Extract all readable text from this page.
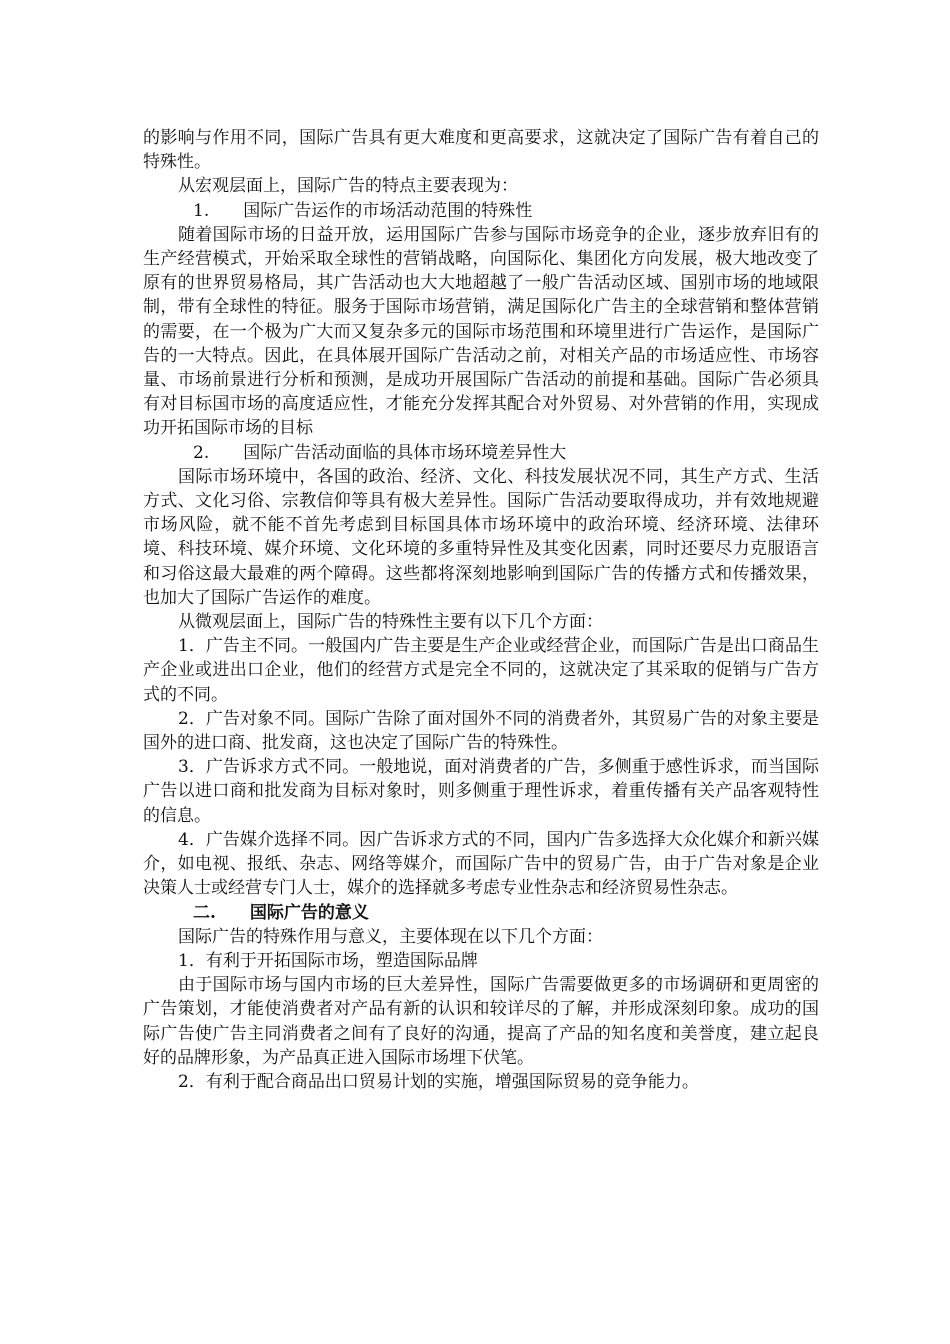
的影响与作用不同，国际广告具有更大难度和更高要求，这就决定了国际广告有着自己的特殊性。

从宏观层面上，国际广告的特点主要表现为：

1.　　国际广告运作的市场活动范围的特殊性

随着国际市场的日益开放，运用国际广告参与国际市场竞争的企业，逐步放弃旧有的生产经营模式，开始采取全球性的营销战略，向国际化、集团化方向发展，极大地改变了原有的世界贸易格局，其广告活动也大大地超越了一般广告活动区域、国别市场的地域限制，带有全球性的特征。服务于国际市场营销，满足国际化广告主的全球营销和整体营销的需要，在一个极为广大而又复杂多元的国际市场范围和环境里进行广告运作，是国际广告的一大特点。因此，在具体展开国际广告活动之前，对相关产品的市场适应性、市场容量、市场前景进行分析和预测，是成功开展国际广告活动的前提和基础。国际广告必须具有对目标国市场的高度适应性，才能充分发挥其配合对外贸易、对外营销的作用，实现成功开拓国际市场的目标

2.　　国际广告活动面临的具体市场环境差异性大

国际市场环境中，各国的政治、经济、文化、科技发展状况不同，其生产方式、生活方式、文化习俗、宗教信仰等具有极大差异性。国际广告活动要取得成功，并有效地规避市场风险，就不能不首先考虑到目标国具体市场环境中的政治环境、经济环境、法律环境、科技环境、媒介环境、文化环境的多重特异性及其变化因素，同时还要尽力克服语言和习俗这最大最难的两个障碍。这些都将深刻地影响到国际广告的传播方式和传播效果，也加大了国际广告运作的难度。

从微观层面上，国际广告的特殊性主要有以下几个方面：

1．广告主不同。一般国内广告主要是生产企业或经营企业，而国际广告是出口商品生产企业或进出口企业，他们的经营方式是完全不同的，这就决定了其采取的促销与广告方式的不同。

2．广告对象不同。国际广告除了面对国外不同的消费者外，其贸易广告的对象主要是国外的进口商、批发商，这也决定了国际广告的特殊性。

3．广告诉求方式不同。一般地说，面对消费者的广告，多侧重于感性诉求，而当国际广告以进口商和批发商为目标对象时，则多侧重于理性诉求，着重传播有关产品客观特性的信息。

4．广告媒介选择不同。因广告诉求方式的不同，国内广告多选择大众化媒介和新兴媒介，如电视、报纸、杂志、网络等媒介，而国际广告中的贸易广告，由于广告对象是企业决策人士或经营专门人士，媒介的选择就多考虑专业性杂志和经济贸易性杂志。

二.　　国际广告的意义

国际广告的特殊作用与意义，主要体现在以下几个方面：

1．有利于开拓国际市场，塑造国际品牌

由于国际市场与国内市场的巨大差异性，国际广告需要做更多的市场调研和更周密的广告策划，才能使消费者对产品有新的认识和较详尽的了解，并形成深刻印象。成功的国际广告使广告主同消费者之间有了良好的沟通，提高了产品的知名度和美誉度，建立起良好的品牌形象，为产品真正进入国际市场埋下伏笔。

2．有利于配合商品出口贸易计划的实施，增强国际贸易的竞争能力。
